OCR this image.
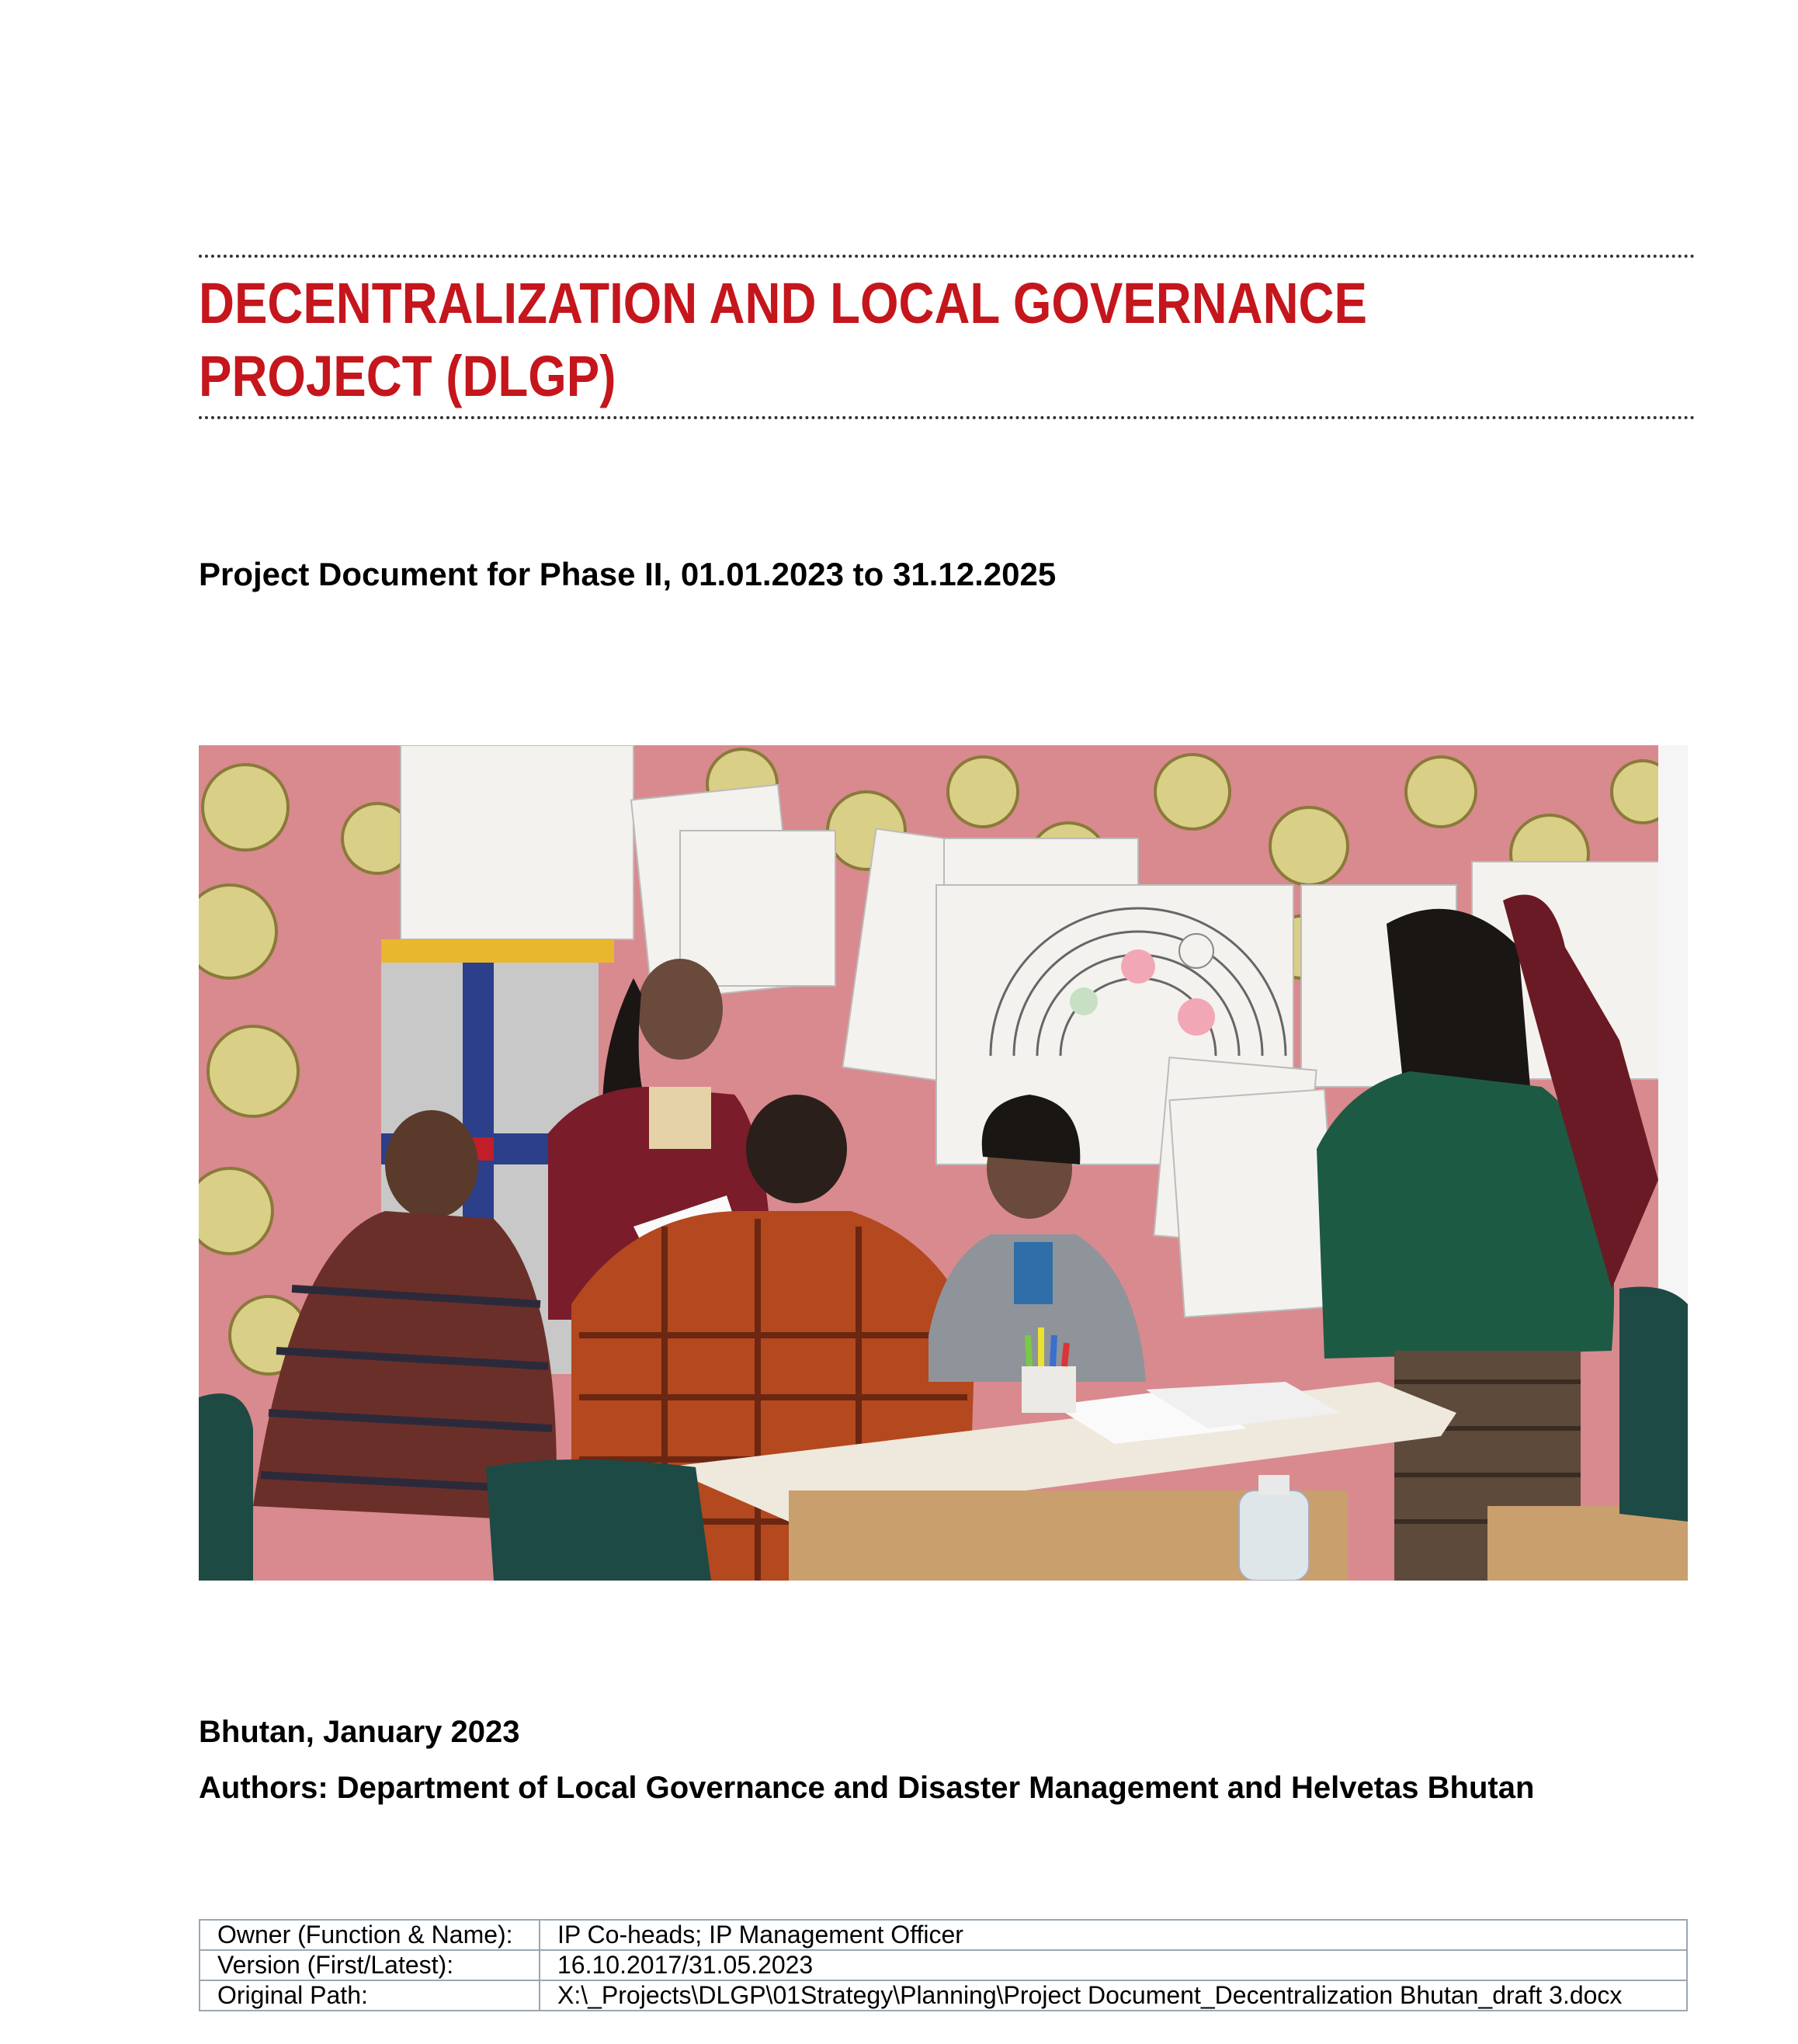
DECENTRALIZATION AND LOCAL GOVERNANCE
PROJECT (DLGP)
Project Document for Phase II, 01.01.2023 to 31.12.2025
Bhutan, January 2023
Authors: Department of Local Governance and Disaster Management and Helvetas Bhutan
Owner (Function & Name):	IP Co-heads; IP Management Officer
Version (First/Latest):	16.10.2017/31.05.2023
Original Path:	X:\_Projects\DLGP\01Strategy\Planning\Project Document_Decentralization Bhutan_draft 3.docx
